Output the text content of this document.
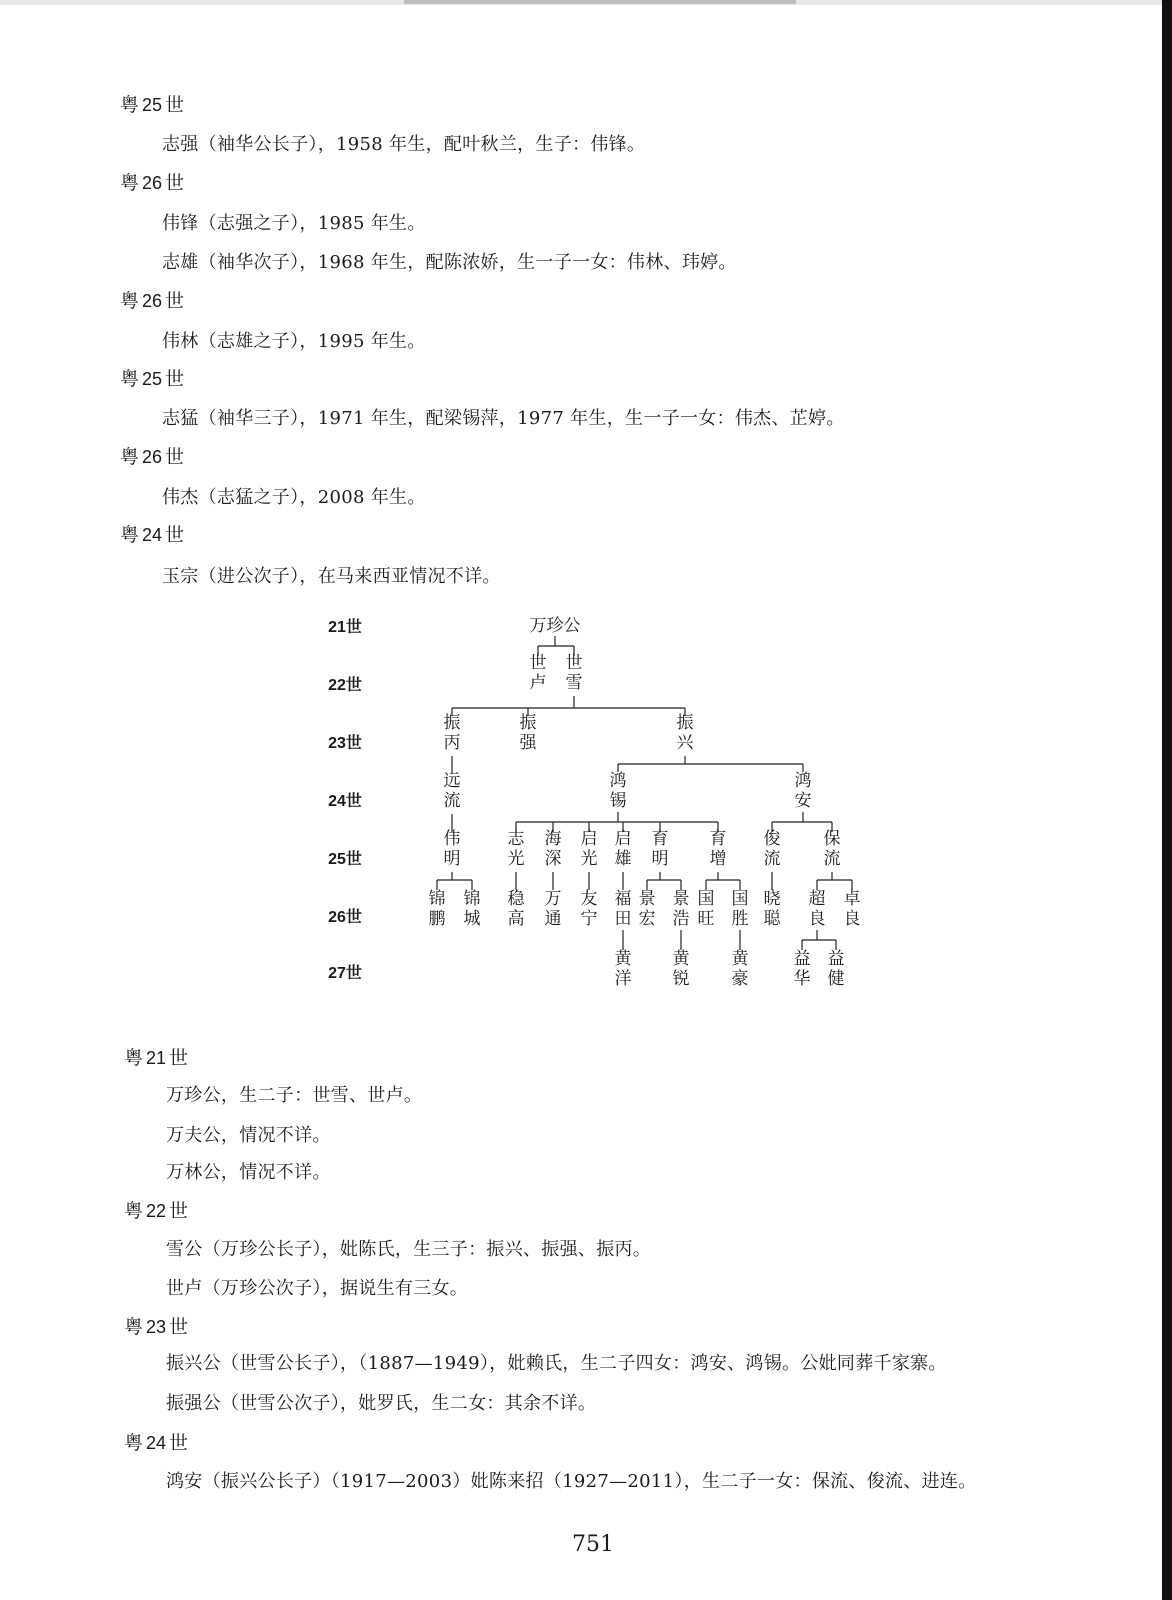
粤 25 世
志强（袖华公长子），1958 年生，配叶秋兰，生子：伟锋。
粤 26 世
伟锋（志强之子），1985 年生。
志雄（袖华次子），1968 年生，配陈浓娇，生一子一女：伟林、玮婷。
粤 26 世
伟林（志雄之子），1995 年生。
粤 25 世
志猛（袖华三子），1971 年生，配梁锡萍，1977 年生，生一子一女：伟杰、芷婷。
粤 26 世
伟杰（志猛之子），2008 年生。
粤 24 世
玉宗（进公次子），在马来西亚情况不详。
21世
22世
23世
24世
25世
26世
27世
万珍公
世
卢
世
雪
振
丙
振
强
振
兴
远
流
鸿
锡
鸿
安
伟
明
志
光
海
深
启
光
启
雄
育
明
育
增
俊
流
保
流
锦
鹏
锦
城
稳
高
万
通
友
宁
福
田
景
宏
景
浩
国
旺
国
胜
晓
聪
超
良
卓
良
黄
洋
黄
锐
黄
豪
益
华
益
健
粤 21 世
万珍公，生二子：世雪、世卢。
万夫公，情况不详。
万林公，情况不详。
粤 22 世
雪公（万珍公长子），妣陈氏，生三子：振兴、振强、振丙。
世卢（万珍公次子），据说生有三女。
粤 23 世
振兴公（世雪公长子），（1887—1949），妣赖氏，生二子四女：鸿安、鸿锡。公妣同葬千家寨。
振强公（世雪公次子），妣罗氏，生二女：其余不详。
粤 24 世
鸿安（振兴公长子）（1917—2003）妣陈来招（1927—2011），生二子一女：保流、俊流、进连。
751
